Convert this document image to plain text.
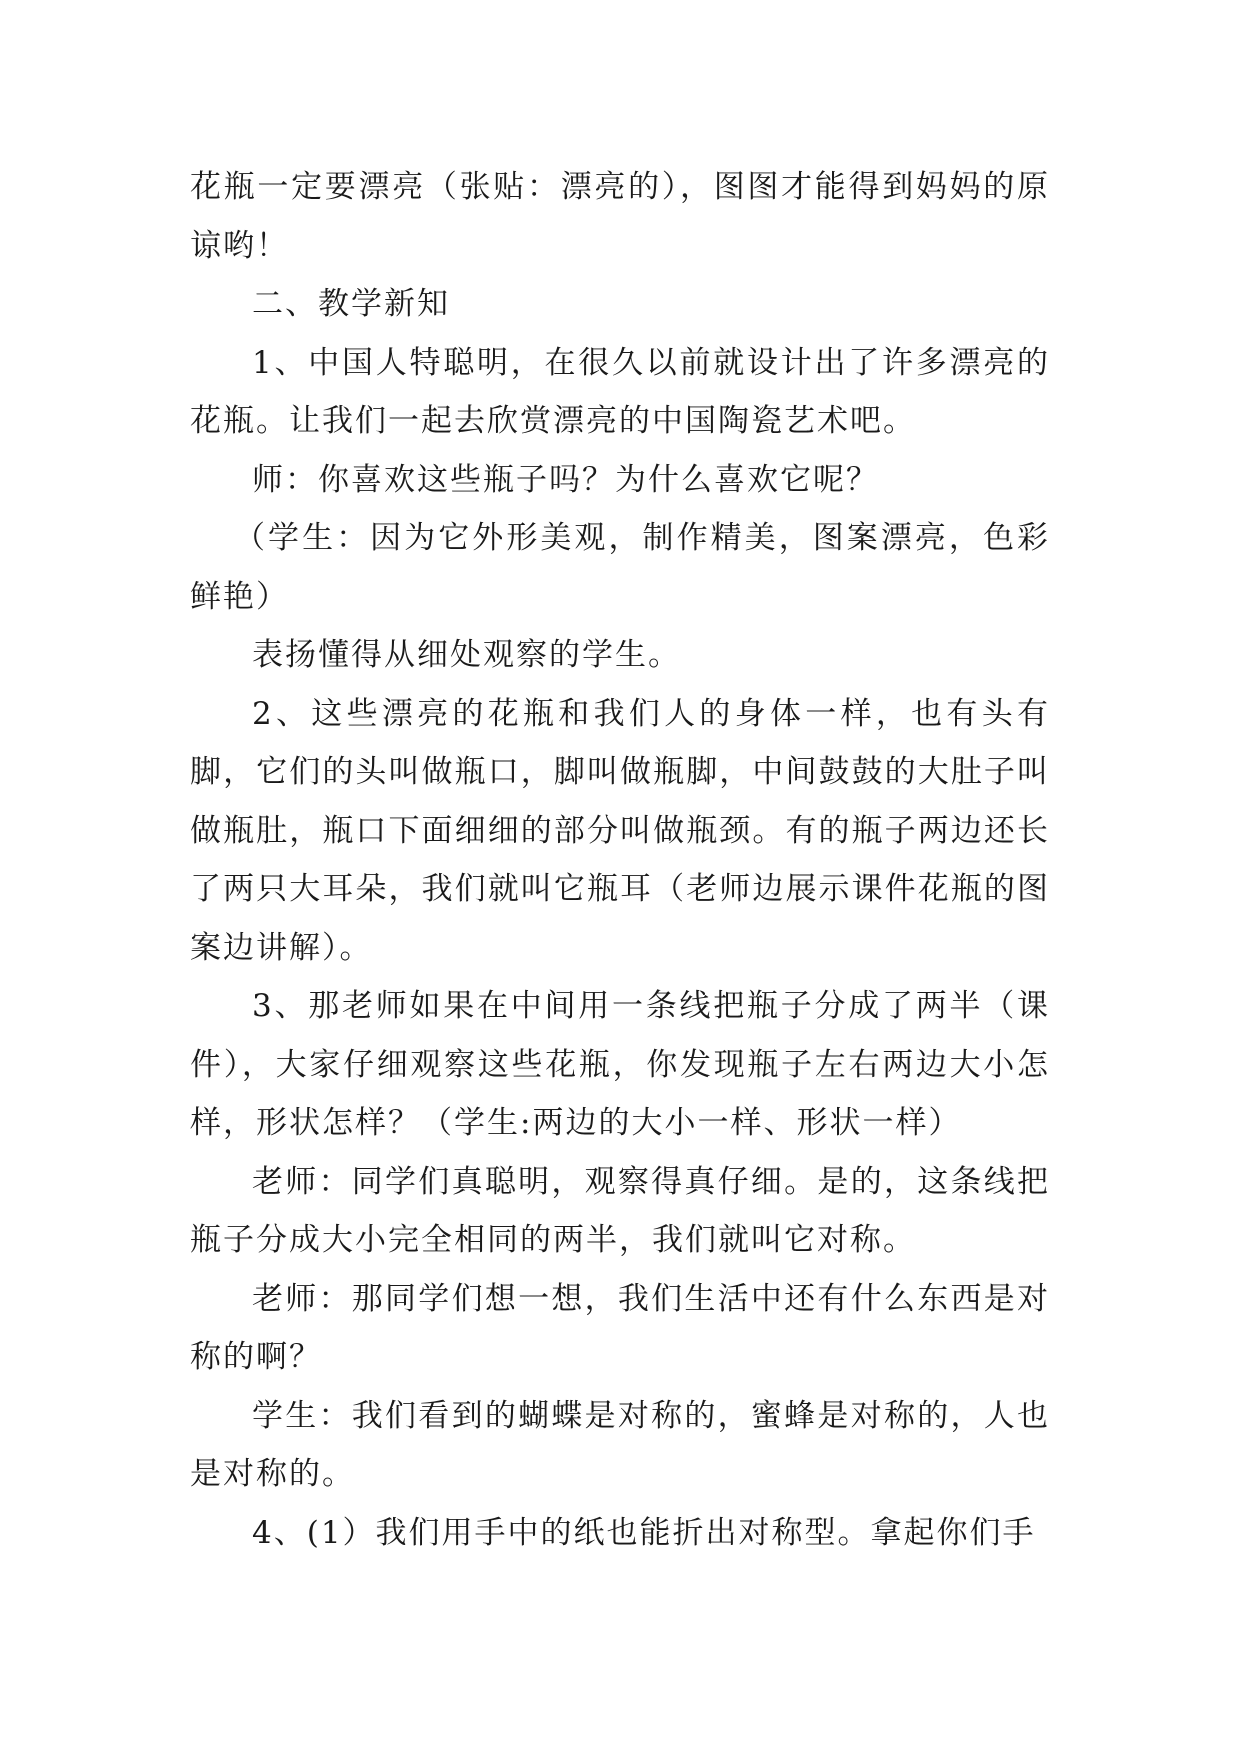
花瓶一定要漂亮（张贴：漂亮的），图图才能得到妈妈的原谅哟！

二、教学新知

1、中国人特聪明，在很久以前就设计出了许多漂亮的花瓶。让我们一起去欣赏漂亮的中国陶瓷艺术吧。

师：你喜欢这些瓶子吗？为什么喜欢它呢？

（学生：因为它外形美观，制作精美，图案漂亮，色彩鲜艳）

表扬懂得从细处观察的学生。

2、这些漂亮的花瓶和我们人的身体一样，也有头有脚，它们的头叫做瓶口，脚叫做瓶脚，中间鼓鼓的大肚子叫做瓶肚，瓶口下面细细的部分叫做瓶颈。有的瓶子两边还长了两只大耳朵，我们就叫它瓶耳（老师边展示课件花瓶的图案边讲解）。

3、那老师如果在中间用一条线把瓶子分成了两半（课件），大家仔细观察这些花瓶，你发现瓶子左右两边大小怎样，形状怎样？（学生:两边的大小一样、形状一样）

老师：同学们真聪明，观察得真仔细。是的，这条线把瓶子分成大小完全相同的两半，我们就叫它对称。

老师：那同学们想一想，我们生活中还有什么东西是对称的啊？

学生：我们看到的蝴蝶是对称的，蜜蜂是对称的，人也是对称的。

4、(1）我们用手中的纸也能折出对称型。拿起你们手
